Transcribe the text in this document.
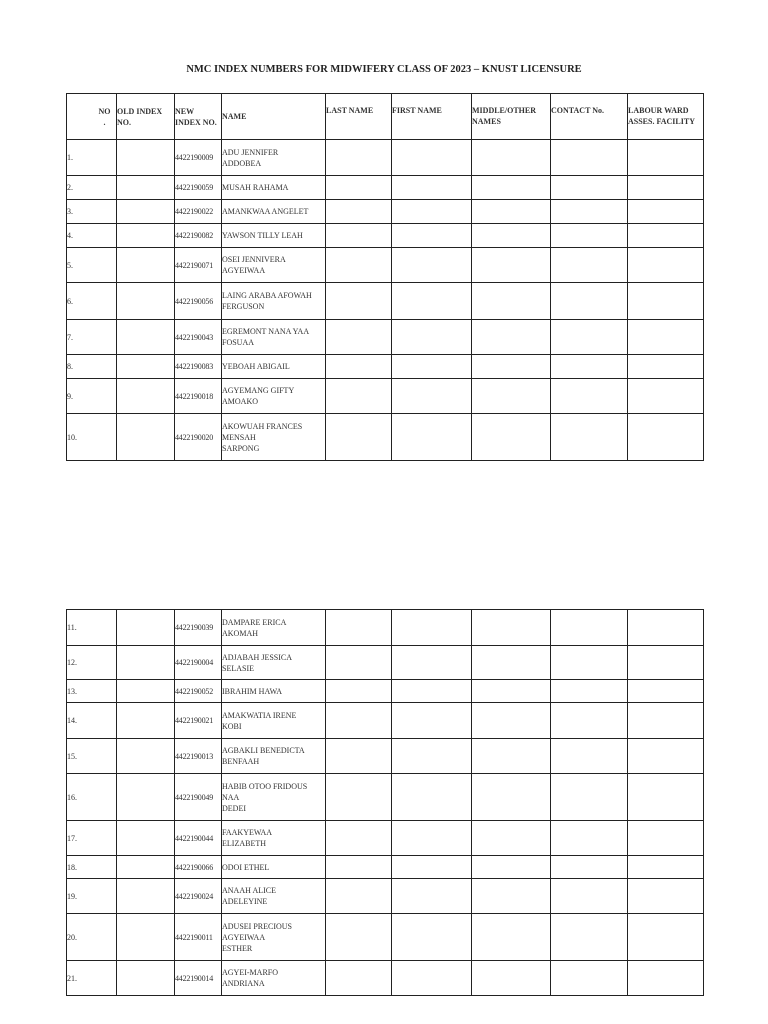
NMC INDEX NUMBERS FOR MIDWIFERY CLASS OF 2023 – KNUST LICENSURE
NO
.	OLD INDEX NO.	NEW INDEX NO.	NAME	LAST NAME	FIRST NAME	MIDDLE/OTHER NAMES	CONTACT No.	LABOUR WARD ASSES. FACILITY
1.		4422190009	ADU JENNIFER
ADDOBEA					

2.		4422190059	MUSAH RAHAMA					

3.		4422190022	AMANKWAA ANGELET					

4.		4422190082	YAWSON TILLY LEAH					

5.		4422190071	OSEI JENNIVERA
AGYEIWAA					

6.		4422190056	LAING ARABA AFOWAH
FERGUSON					

7.		4422190043	EGREMONT NANA YAA
FOSUAA					

8.		4422190083	YEBOAH ABIGAIL					

9.		4422190018	AGYEMANG GIFTY
AMOAKO					

10.		4422190020	AKOWUAH FRANCES
MENSAH
SARPONG					

11.		4422190039	DAMPARE ERICA
AKOMAH					

12.		4422190004	ADJABAH JESSICA
SELASIE					

13.		4422190052	IBRAHIM HAWA					

14.		4422190021	AMAKWATIA IRENE
KOBI					

15.		4422190013	AGBAKLI BENEDICTA
BENFAAH					

16.		4422190049	HABIB OTOO FRIDOUS
NAA
DEDEI					

17.		4422190044	FAAKYEWAA
ELIZABETH					

18.		4422190066	ODOI ETHEL					

19.		4422190024	ANAAH ALICE
ADELEYINE					

20.		4422190011	ADUSEI PRECIOUS
AGYEIWAA
ESTHER					

21.		4422190014	AGYEI-MARFO
ANDRIANA					
